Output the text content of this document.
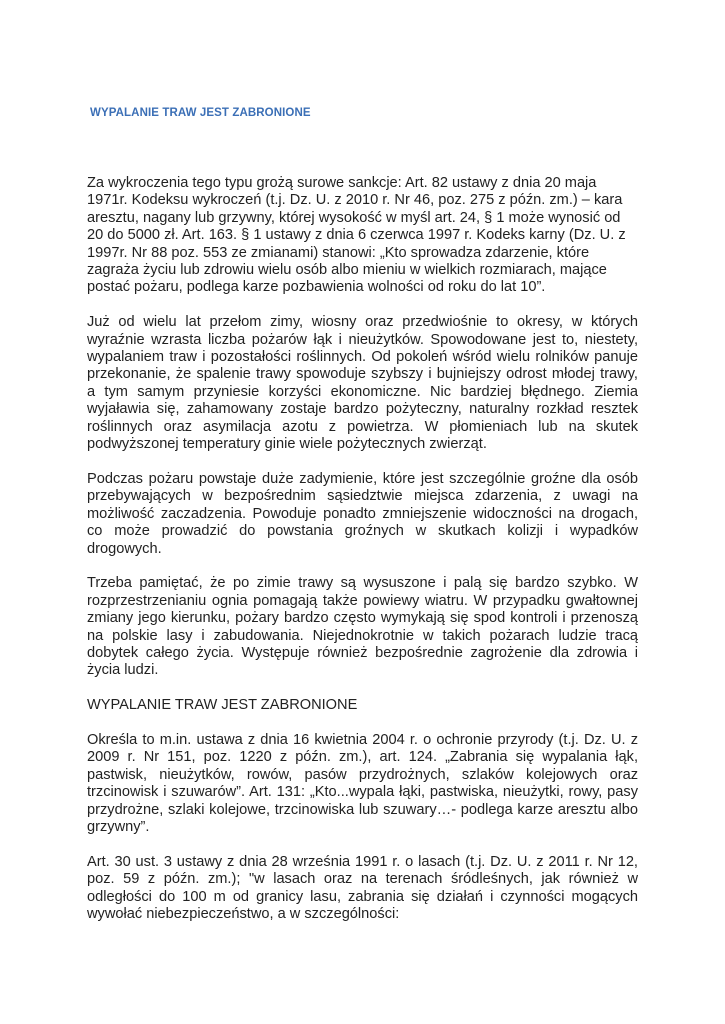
WYPALANIE TRAW JEST ZABRONIONE

Za wykroczenia tego typu grożą surowe sankcje: Art. 82 ustawy z dnia 20 maja 1971r. Kodeksu wykroczeń (t.j. Dz. U. z 2010 r. Nr 46, poz. 275 z późn. zm.) – kara aresztu, nagany lub grzywny, której wysokość w myśl art. 24, § 1 może wynosić od 20 do 5000 zł. Art. 163. § 1 ustawy z dnia 6 czerwca 1997 r. Kodeks karny (Dz. U. z 1997r. Nr 88 poz. 553 ze zmianami) stanowi: „Kto sprowadza zdarzenie, które zagraża życiu lub zdrowiu wielu osób albo mieniu w wielkich rozmiarach, mające postać pożaru, podlega karze pozbawienia wolności od roku do lat 10”.

Już od wielu lat przełom zimy, wiosny oraz przedwiośnie to okresy, w których wyraźnie wzrasta liczba pożarów łąk i nieużytków. Spowodowane jest to, niestety, wypalaniem traw i pozostałości roślinnych. Od pokoleń wśród wielu rolników panuje przekonanie, że spalenie trawy spowoduje szybszy i bujniejszy odrost młodej trawy, a tym samym przyniesie korzyści ekonomiczne. Nic bardziej błędnego. Ziemia wyjaławia się, zahamowany zostaje bardzo pożyteczny, naturalny rozkład resztek roślinnych oraz asymilacja azotu z powietrza. W płomieniach lub na skutek podwyższonej temperatury ginie wiele pożytecznych zwierząt.

Podczas pożaru powstaje duże zadymienie, które jest szczególnie groźne dla osób przebywających w bezpośrednim sąsiedztwie miejsca zdarzenia, z uwagi na możliwość zaczadzenia. Powoduje ponadto zmniejszenie widoczności na drogach, co może prowadzić do powstania groźnych w skutkach kolizji i wypadków drogowych.

Trzeba pamiętać, że po zimie trawy są wysuszone i palą się bardzo szybko. W rozprzestrzenianiu ognia pomagają także powiewy wiatru. W przypadku gwałtownej zmiany jego kierunku, pożary bardzo często wymykają się spod kontroli i przenoszą na polskie lasy i zabudowania. Niejednokrotnie w takich pożarach ludzie tracą dobytek całego życia. Występuje również bezpośrednie zagrożenie dla zdrowia i życia ludzi.

WYPALANIE TRAW JEST ZABRONIONE

Określa to m.in. ustawa z dnia 16 kwietnia 2004 r. o ochronie przyrody (t.j. Dz. U. z 2009 r. Nr 151, poz. 1220 z późn. zm.), art. 124. „Zabrania się wypalania łąk, pastwisk, nieużytków, rowów, pasów przydrożnych, szlaków kolejowych oraz trzcinowisk i szuwarów”. Art. 131: „Kto...wypala łąki, pastwiska, nieużytki, rowy, pasy przydrożne, szlaki kolejowe, trzcinowiska lub szuwary…- podlega karze aresztu albo grzywny”.

Art. 30 ust. 3 ustawy z dnia 28 września 1991 r. o lasach (t.j. Dz. U. z 2011 r. Nr 12, poz. 59 z późn. zm.); "w lasach oraz na terenach śródleśnych, jak również w odległości do 100 m od granicy lasu, zabrania się działań i czynności mogących wywołać niebezpieczeństwo, a w szczególności:
